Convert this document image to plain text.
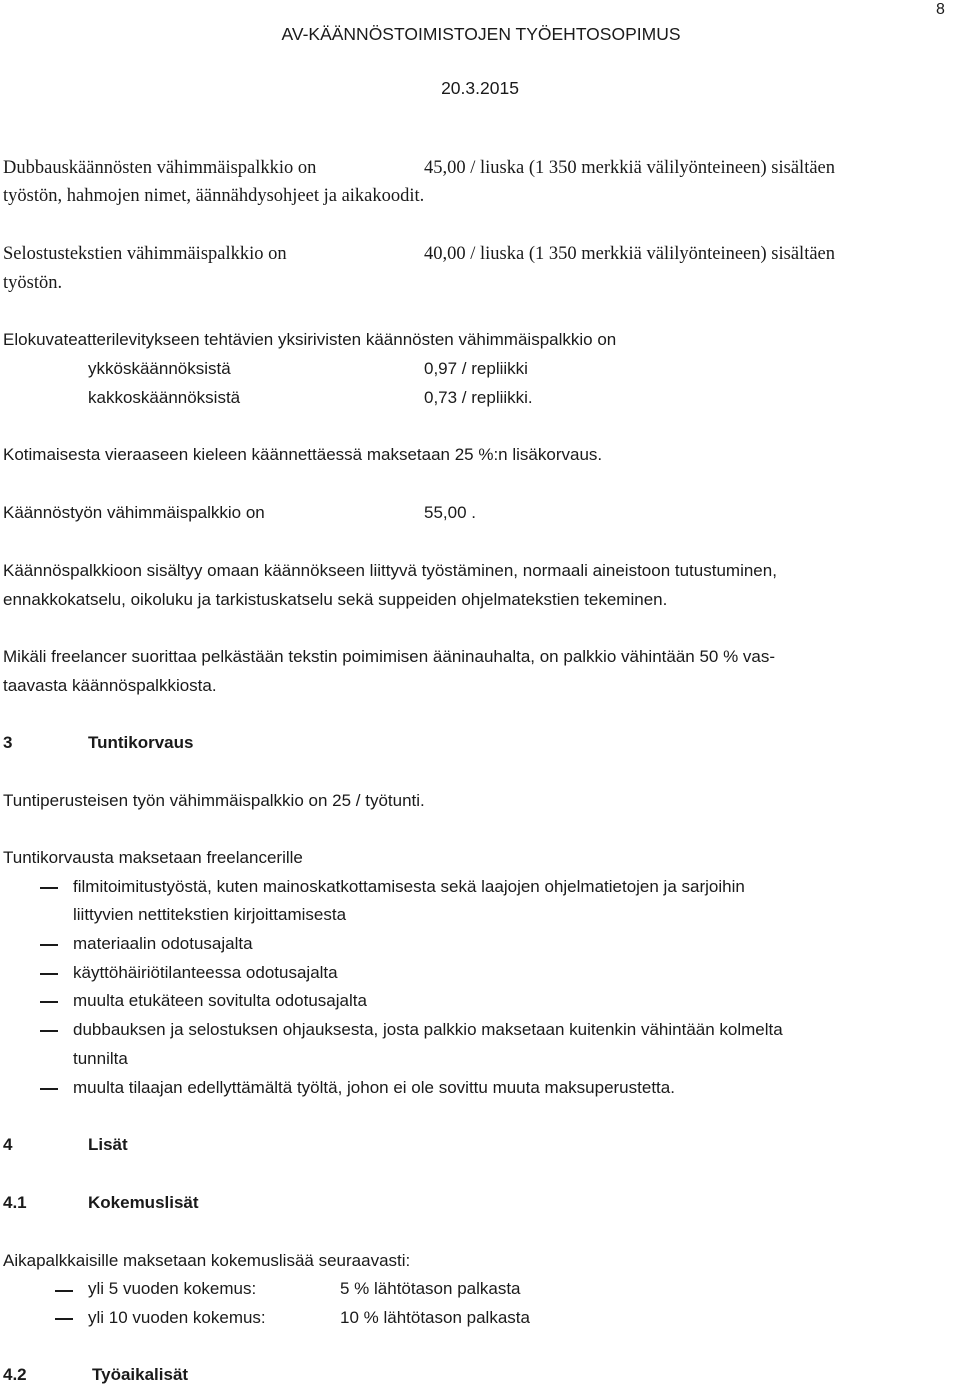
8
AV-KÄÄNNÖSTOIMISTOJEN TYÖEHTOSOPIMUS
20.3.2015
Dubbauskäännösten vähimmäispalkkio on	45,00 / liuska (1 350 merkkiä välilyönteineen) sisältäen
työstön, hahmojen nimet, äännähdysohjeet ja aikakoodit.
Selostustekstien vähimmäispalkkio on	40,00 / liuska (1 350 merkkiä välilyönteineen) sisältäen
työstön.
Elokuvateatterilevitykseen tehtävien yksirivisten käännösten vähimmäispalkkio on
ykköskäännöksistä	0,97 / repliikki
kakkoskäännöksistä	0,73 / repliikki.
Kotimaisesta vieraaseen kieleen käännettäessä maksetaan 25 %:n lisäkorvaus.
Käännöstyön vähimmäispalkkio on	55,00 .
Käännöspalkkioon sisältyy omaan käännökseen liittyvä työstäminen, normaali aineistoon tutustuminen,
ennakkokatselu, oikoluku ja tarkistuskatselu sekä suppeiden ohjelmatekstien tekeminen.
Mikäli freelancer suorittaa pelkästään tekstin poimimisen ääninauhalta, on palkkio vähintään 50 % vas-
taavasta käännöspalkkiosta.
3	Tuntikorvaus
Tuntiperusteisen työn vähimmäispalkkio on 25 / työtunti.
Tuntikorvausta maksetaan freelancerille
filmitoimitustyöstä, kuten mainoskatkottamisesta sekä laajojen ohjelmatietojen ja sarjoihin
liittyvien nettitekstien kirjoittamisesta
materiaalin odotusajalta
käyttöhäiriötilanteessa odotusajalta
muulta etukäteen sovitulta odotusajalta
dubbauksen ja selostuksen ohjauksesta, josta palkkio maksetaan kuitenkin vähintään kolmelta
tunnilta
muulta tilaajan edellyttämältä työltä, johon ei ole sovittu muuta maksuperustetta.
4	Lisät
4.1	Kokemuslisät
Aikapalkkaisille maksetaan kokemuslisää seuraavasti:
yli 5 vuoden kokemus:	5 % lähtötason palkasta
yli 10 vuoden kokemus:	10 % lähtötason palkasta
4.2	Työaikalisät
